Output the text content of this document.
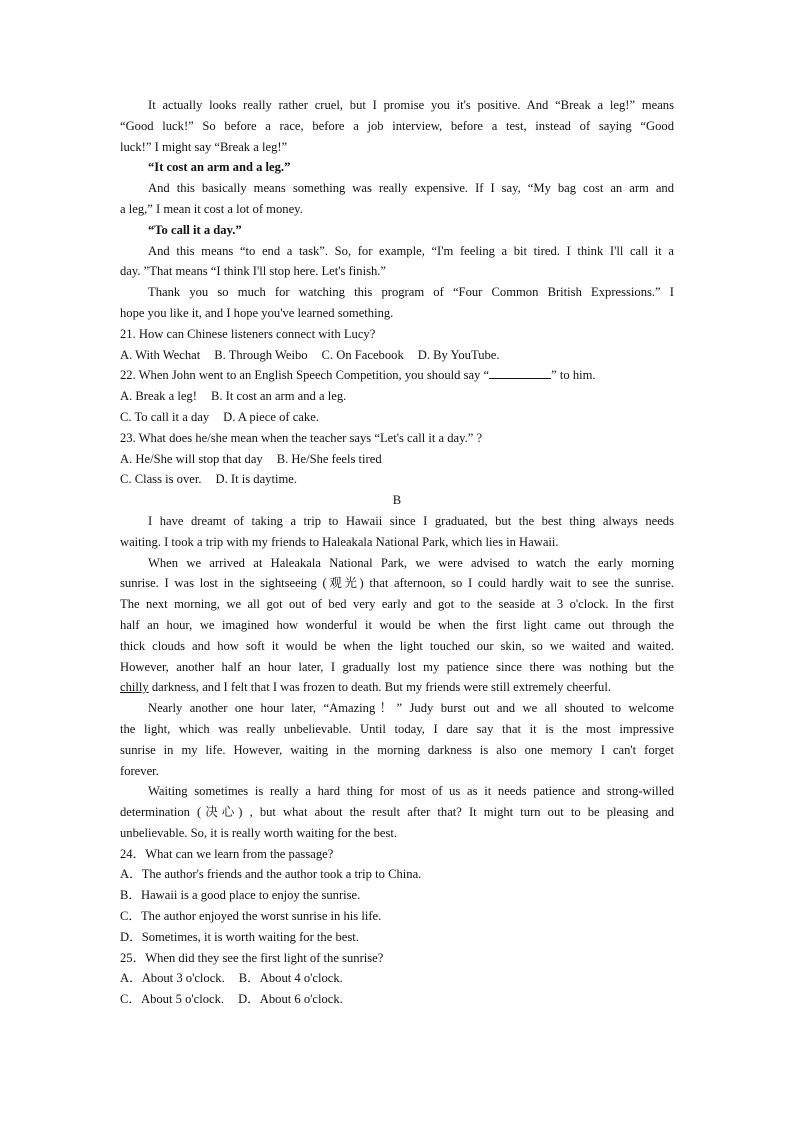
It actually looks really rather cruel, but I promise you it's positive. And “Break a leg!” means
“Good luck!” So before a race, before a job interview, before a test, instead of saying “Good
luck!” I might say “Break a leg!”
“It cost an arm and a leg.”
And this basically means something was really expensive. If I say, “My bag cost an arm and
a leg,” I mean it cost a lot of money.
“To call it a day.”
And this means “to end a task”. So, for example, “I'm feeling a bit tired. I think I'll call it a
day. ”That means “I think I'll stop here. Let's finish.”
Thank you so much for watching this program of “Four Common British Expressions.” I
hope you like it, and I hope you've learned something.
21. How can Chinese listeners connect with Lucy?
A. With Wechat B. Through Weibo C. On Facebook D. By YouTube.
22. When John went to an English Speech Competition, you should say “	” to him.
A. Break a leg! B. It cost an arm and a leg.
C. To call it a day D. A piece of cake.
23. What does he/she mean when the teacher says “Let's call it a day.” ?
A. He/She will stop that day B. He/She feels tired
C. Class is over. D. It is daytime.
B
I have dreamt of taking a trip to Hawaii since I graduated, but the best thing always needs
waiting. I took a trip with my friends to Haleakala National Park, which lies in Hawaii.
When we arrived at Haleakala National Park, we were advised to watch the early morning
sunrise. I was lost in the sightseeing (观光) that afternoon, so I could hardly wait to see the sunrise.
The next morning, we all got out of bed very early and got to the seaside at 3 o'clock. In the first
half an hour, we imagined how wonderful it would be when the first light came out through the
thick clouds and how soft it would be when the light touched our skin, so we waited and waited.
However, another half an hour later, I gradually lost my patience since there was nothing but the
chilly darkness, and I felt that I was frozen to death. But my friends were still extremely cheerful.
Nearly another one hour later, “Amazing！” Judy burst out and we all shouted to welcome
the light, which was really unbelievable. Until today, I dare say that it is the most impressive
sunrise in my life. However, waiting in the morning darkness is also one memory I can't forget
forever.
Waiting sometimes is really a hard thing for most of us as it needs patience and strong-willed
determination (决心) , but what about the result after that? It might turn out to be pleasing and
unbelievable. So, it is really worth waiting for the best.
24．What can we learn from the passage?
A．The author's friends and the author took a trip to China.
B．Hawaii is a good place to enjoy the sunrise.
C．The author enjoyed the worst sunrise in his life.
D．Sometimes, it is worth waiting for the best.
25．When did they see the first light of the sunrise?
A．About 3 o'clock. B．About 4 o'clock.
C．About 5 o'clock. D．About 6 o'clock.
